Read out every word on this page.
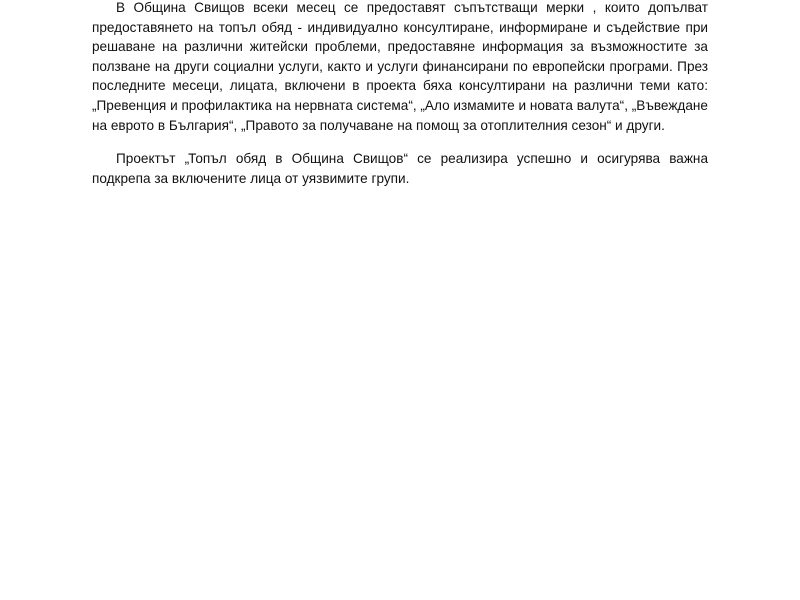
В Община Свищов всеки месец се предоставят съпътстващи мерки , които допълват предоставянето на топъл обяд - индивидуално консултиране, информиране и съдействие при решаване на различни житейски проблеми, предоставяне информация за възможностите за ползване на други социални услуги, както и услуги финансирани по европейски програми. През последните месеци, лицата, включени в проекта бяха консултирани на различни теми като: „Превенция и профилактика на нервната система“, „Ало измамите и новата валута“, „Въвеждане на еврото в България“, „Правото за получаване на помощ за отоплителния сезон“ и други.

Проектът „Топъл обяд в Община Свищов“ се реализира успешно и осигурява важна подкрепа за включените лица от уязвимите групи.
